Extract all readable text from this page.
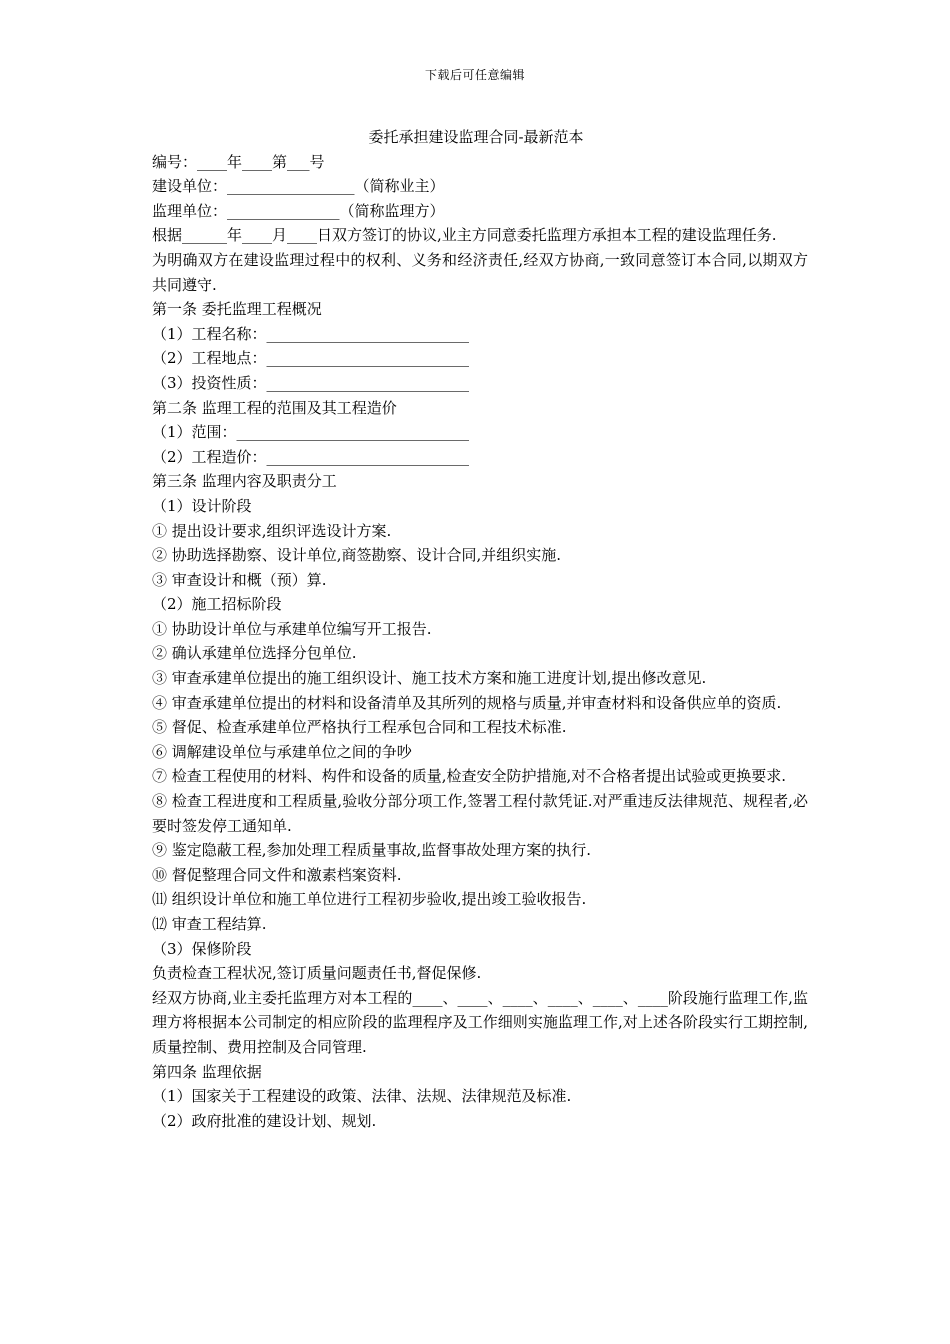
下载后可任意编辑
委托承担建设监理合同-最新范本
编号：____年____第___号
建设单位：_________________（简称业主）
监理单位：_______________（简称监理方）
根据______年____月____日双方签订的协议,业主方同意委托监理方承担本工程的建设监理任务.
为明确双方在建设监理过程中的权利、义务和经济责任,经双方协商,一致同意签订本合同,以期双方共同遵守.
第一条 委托监理工程概况
（1）工程名称：___________________________
（2）工程地点：___________________________
（3）投资性质：___________________________
第二条 监理工程的范围及其工程造价
（1）范围：_______________________________
（2）工程造价：___________________________
第三条 监理内容及职责分工
（1）设计阶段
① 提出设计要求,组织评选设计方案.
② 协助选择勘察、设计单位,商签勘察、设计合同,并组织实施.
③ 审查设计和概（预）算.
（2）施工招标阶段
① 协助设计单位与承建单位编写开工报告.
② 确认承建单位选择分包单位.
③ 审查承建单位提出的施工组织设计、施工技术方案和施工进度计划,提出修改意见.
④ 审查承建单位提出的材料和设备清单及其所列的规格与质量,并审查材料和设备供应单的资质.
⑤ 督促、检查承建单位严格执行工程承包合同和工程技术标准.
⑥ 调解建设单位与承建单位之间的争吵
⑦ 检查工程使用的材料、构件和设备的质量,检查安全防护措施,对不合格者提出试验或更换要求.
⑧ 检查工程进度和工程质量,验收分部分项工作,签署工程付款凭证.对严重违反法律规范、规程者,必要时签发停工通知单.
⑨ 鉴定隐蔽工程,参加处理工程质量事故,监督事故处理方案的执行.
⑩ 督促整理合同文件和激素档案资料.
⑾ 组织设计单位和施工单位进行工程初步验收,提出竣工验收报告.
⑿ 审查工程结算.
（3）保修阶段
负责检查工程状况,签订质量问题责任书,督促保修.
经双方协商,业主委托监理方对本工程的____、____、____、____、____、____阶段施行监理工作,监理方将根据本公司制定的相应阶段的监理程序及工作细则实施监理工作,对上述各阶段实行工期控制,质量控制、费用控制及合同管理.
第四条 监理依据
（1）国家关于工程建设的政策、法律、法规、法律规范及标准.
（2）政府批准的建设计划、规划.
